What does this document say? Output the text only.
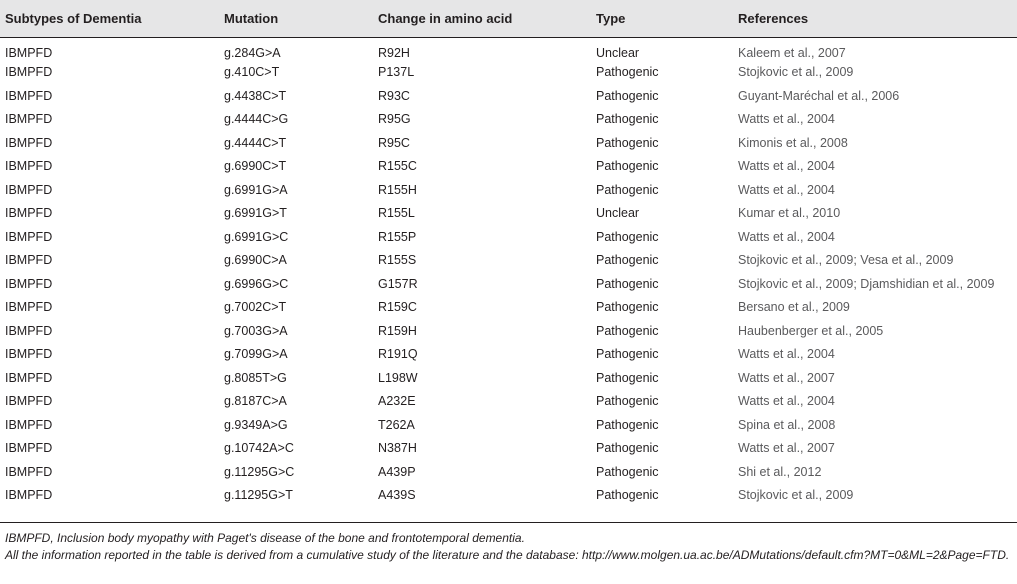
Subtypes of Dementia	Mutation	Change in amino acid	Type	References
IBMPFD	g.284G>A	R92H	Unclear	Kaleem et al., 2007
IBMPFD	g.410C>T	P137L	Pathogenic	Stojkovic et al., 2009
IBMPFD	g.4438C>T	R93C	Pathogenic	Guyant-Maréchal et al., 2006
IBMPFD	g.4444C>G	R95G	Pathogenic	Watts et al., 2004
IBMPFD	g.4444C>T	R95C	Pathogenic	Kimonis et al., 2008
IBMPFD	g.6990C>T	R155C	Pathogenic	Watts et al., 2004
IBMPFD	g.6991G>A	R155H	Pathogenic	Watts et al., 2004
IBMPFD	g.6991G>T	R155L	Unclear	Kumar et al., 2010
IBMPFD	g.6991G>C	R155P	Pathogenic	Watts et al., 2004
IBMPFD	g.6990C>A	R155S	Pathogenic	Stojkovic et al., 2009; Vesa et al., 2009
IBMPFD	g.6996G>C	G157R	Pathogenic	Stojkovic et al., 2009; Djamshidian et al., 2009
IBMPFD	g.7002C>T	R159C	Pathogenic	Bersano et al., 2009
IBMPFD	g.7003G>A	R159H	Pathogenic	Haubenberger et al., 2005
IBMPFD	g.7099G>A	R191Q	Pathogenic	Watts et al., 2004
IBMPFD	g.8085T>G	L198W	Pathogenic	Watts et al., 2007
IBMPFD	g.8187C>A	A232E	Pathogenic	Watts et al., 2004
IBMPFD	g.9349A>G	T262A	Pathogenic	Spina et al., 2008
IBMPFD	g.10742A>C	N387H	Pathogenic	Watts et al., 2007
IBMPFD	g.11295G>C	A439P	Pathogenic	Shi et al., 2012
IBMPFD	g.11295G>T	A439S	Pathogenic	Stojkovic et al., 2009

IBMPFD, Inclusion body myopathy with Paget's disease of the bone and frontotemporal dementia.

All the information reported in the table is derived from a cumulative study of the literature and the database: http://www.molgen.ua.ac.be/ADMutations/default.cfm?MT=0&ML=2&Page=FTD.
